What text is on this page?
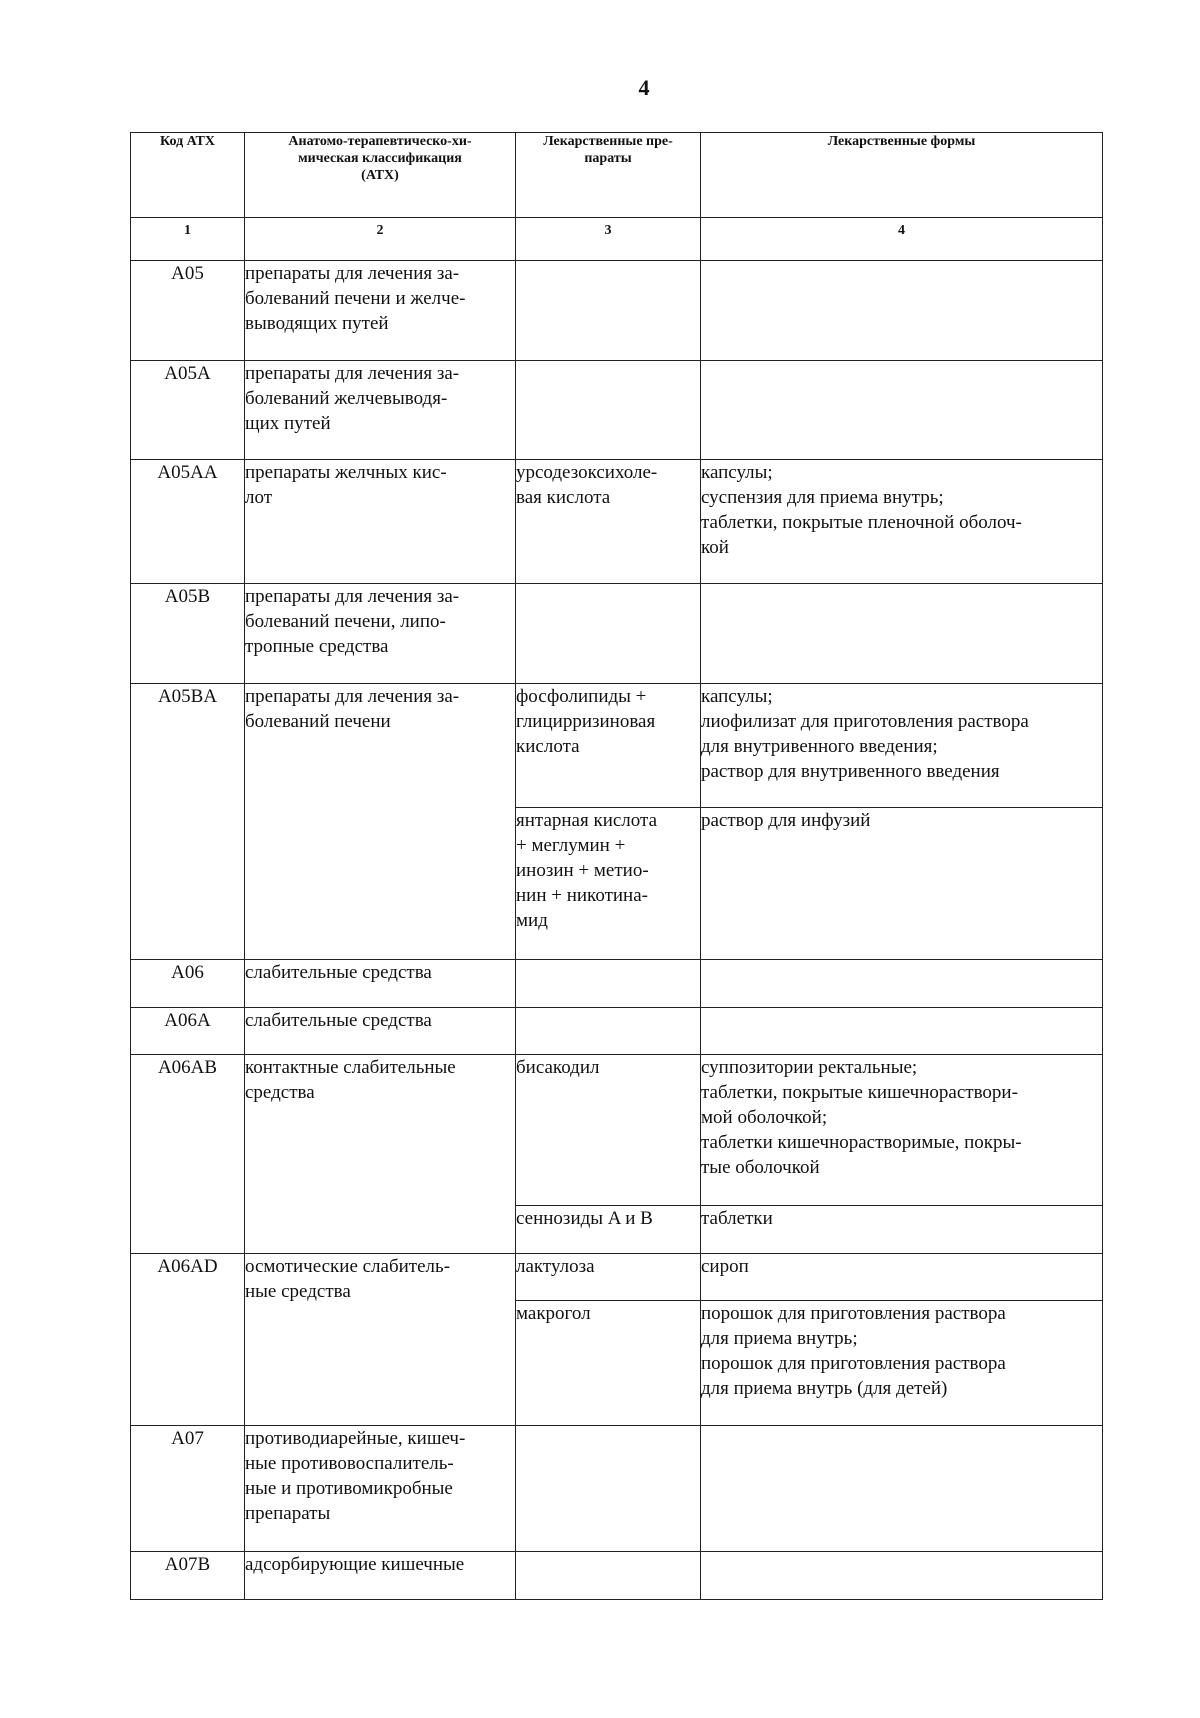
4
Код АТХ	Анатомо-терапевтическо-хи-
мическая классификация
(АТХ)	Лекарственные пре-
параты	Лекарственные формы
1	2	3	4
A05	препараты для лечения за-
болеваний печени и желче-
выводящих путей		

A05A	препараты для лечения за-
болеваний желчевыводя-
щих путей		

A05AA	препараты желчных кис-
лот	урсодезоксихоле-
вая кислота	капсулы;
суспензия для приема внутрь;
таблетки, покрытые пленочной оболоч-
кой

A05B	препараты для лечения за-
болеваний печени, липо-
тропные средства		

A05BA	препараты для лечения за-
болеваний печени	фосфолипиды +
глицирризиновая
кислота	капсулы;
лиофилизат для приготовления раствора
для внутривенного введения;
раствор для внутривенного введения

		янтарная кислота
+ меглумин +
инозин + метио-
нин + никотина-
мид	раствор для инфузий

A06	слабительные средства		

A06A	слабительные средства		

A06AB	контактные слабительные
средства	бисакодил	суппозитории ректальные;
таблетки, покрытые кишечнораствори-
мой оболочкой;
таблетки кишечнорастворимые, покры-
тые оболочкой

		сеннозиды A и B	таблетки

A06AD	осмотические слабитель-
ные средства	лактулоза	сироп

		макрогол	порошок для приготовления раствора
для приема внутрь;
порошок для приготовления раствора
для приема внутрь (для детей)

A07	противодиарейные, кишеч-
ные противовоспалитель-
ные и противомикробные
препараты		

A07B	адсорбирующие кишечные		
